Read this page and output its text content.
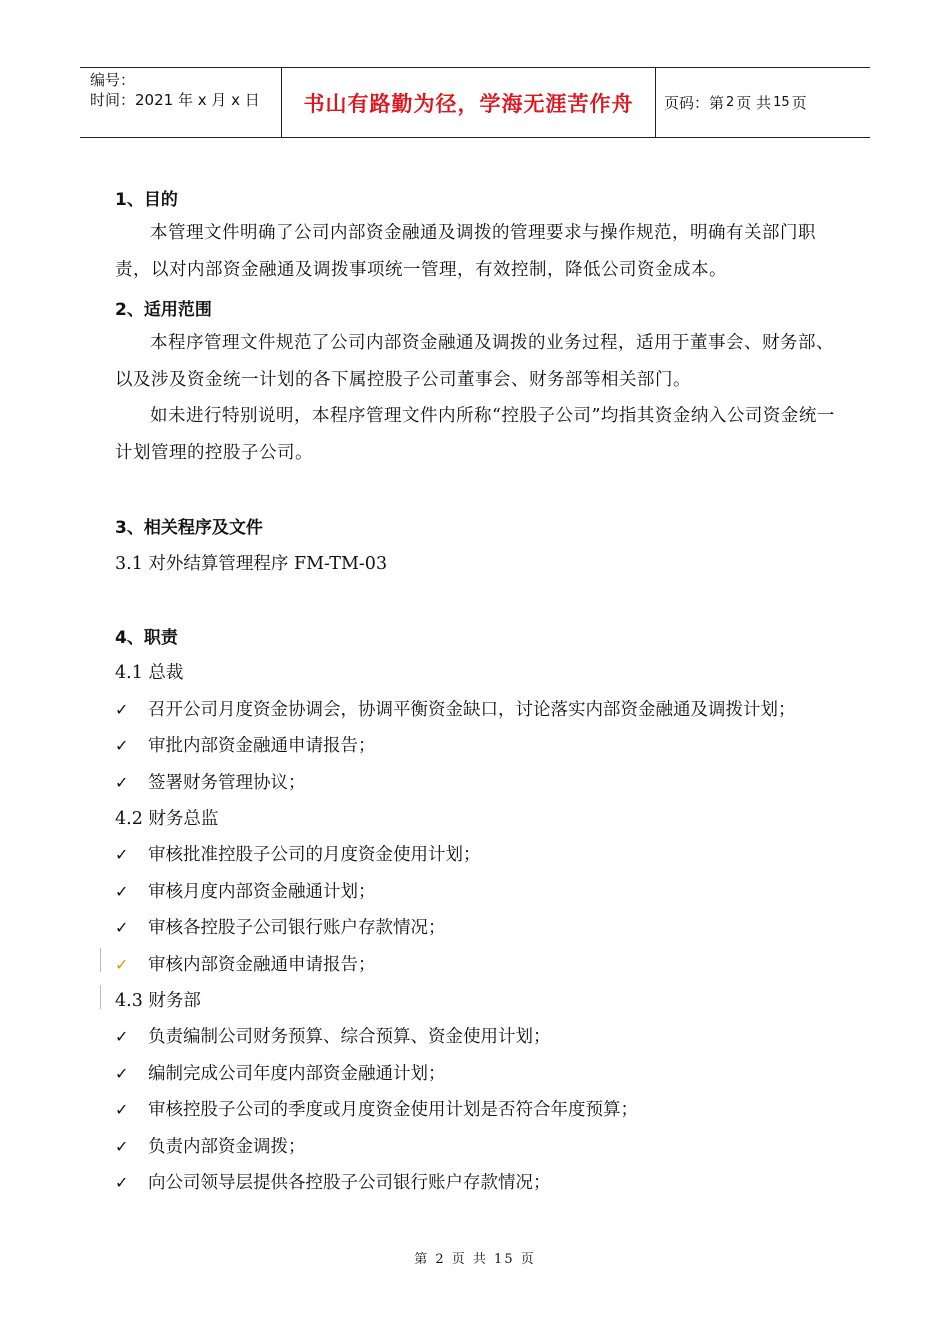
编号：
时间：2021 年 x 月 x 日	书山有路勤为径，学海无涯苦作舟	页码：第 2 页 共 15 页
1、目的
本管理文件明确了公司内部资金融通及调拨的管理要求与操作规范，明确有关部门职责，以对内部资金融通及调拨事项统一管理，有效控制，降低公司资金成本。
2、适用范围
本程序管理文件规范了公司内部资金融通及调拨的业务过程，适用于董事会、财务部、以及涉及资金统一计划的各下属控股子公司董事会、财务部等相关部门。
如未进行特别说明，本程序管理文件内所称“控股子公司”均指其资金纳入公司资金统一计划管理的控股子公司。
3、相关程序及文件
3.1 对外结算管理程序 FM-TM-03
4、职责
4.1 总裁
✓ 召开公司月度资金协调会，协调平衡资金缺口，讨论落实内部资金融通及调拨计划；
✓ 审批内部资金融通申请报告；
✓ 签署财务管理协议；
4.2 财务总监
✓ 审核批准控股子公司的月度资金使用计划；
✓ 审核月度内部资金融通计划；
✓ 审核各控股子公司银行账户存款情况；
✓ 审核内部资金融通申请报告；
4.3 财务部
✓ 负责编制公司财务预算、综合预算、资金使用计划；
✓ 编制完成公司年度内部资金融通计划；
✓ 审核控股子公司的季度或月度资金使用计划是否符合年度预算；
✓ 负责内部资金调拨；
✓ 向公司领导层提供各控股子公司银行账户存款情况；
第 2 页 共 15 页
